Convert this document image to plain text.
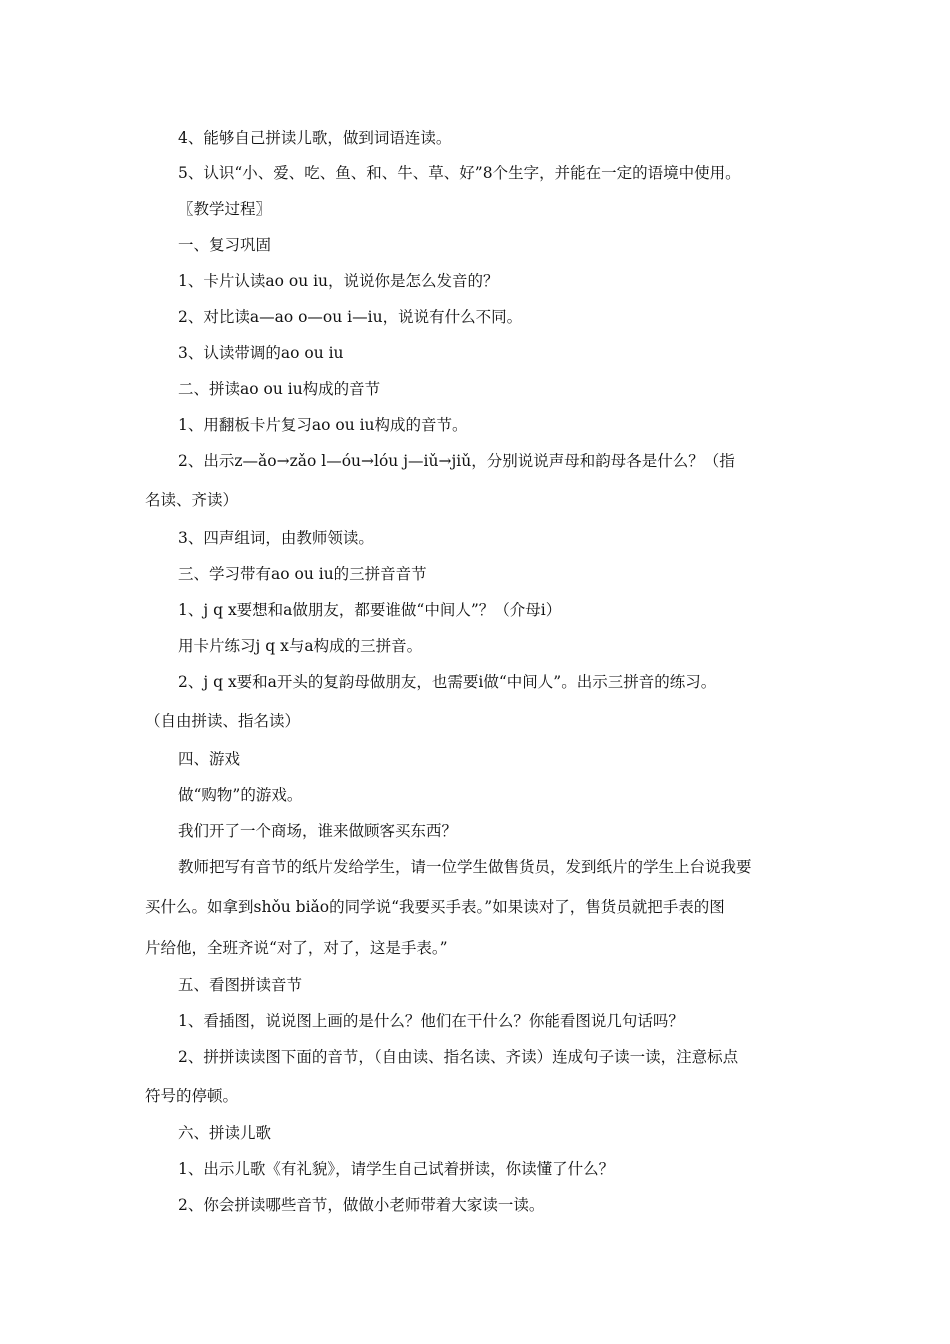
4、能够自己拼读儿歌，做到词语连读。
5、认识“小、爱、吃、鱼、和、牛、草、好”8个生字，并能在一定的语境中使用。
〖教学过程〗
一、复习巩固
1、卡片认读ao ou iu，说说你是怎么发音的？
2、对比读a—ao o—ou i—iu，说说有什么不同。
3、认读带调的ao ou iu
二、拼读ao ou iu构成的音节
1、用翻板卡片复习ao ou iu构成的音节。
2、出示z—ǎo→zǎo l—óu→lóu j—iǔ→jiǔ，分别说说声母和韵母各是什么？（指
名读、齐读）
3、四声组词，由教师领读。
三、学习带有ao ou iu的三拼音音节
1、j q x要想和a做朋友，都要谁做“中间人”？（介母i）
用卡片练习j q x与a构成的三拼音。
2、j q x要和a开头的复韵母做朋友，也需要i做“中间人”。出示三拼音的练习。
（自由拼读、指名读）
四、游戏
做“购物”的游戏。
我们开了一个商场，谁来做顾客买东西？
教师把写有音节的纸片发给学生，请一位学生做售货员，发到纸片的学生上台说我要
买什么。如拿到shǒu biǎo的同学说“我要买手表。”如果读对了，售货员就把手表的图
片给他，全班齐说“对了，对了，这是手表。”
五、看图拼读音节
1、看插图，说说图上画的是什么？他们在干什么？你能看图说几句话吗？
2、拼拼读读图下面的音节，（自由读、指名读、齐读）连成句子读一读，注意标点
符号的停顿。
六、拼读儿歌
1、出示儿歌《有礼貌》，请学生自己试着拼读，你读懂了什么？
2、你会拼读哪些音节，做做小老师带着大家读一读。
